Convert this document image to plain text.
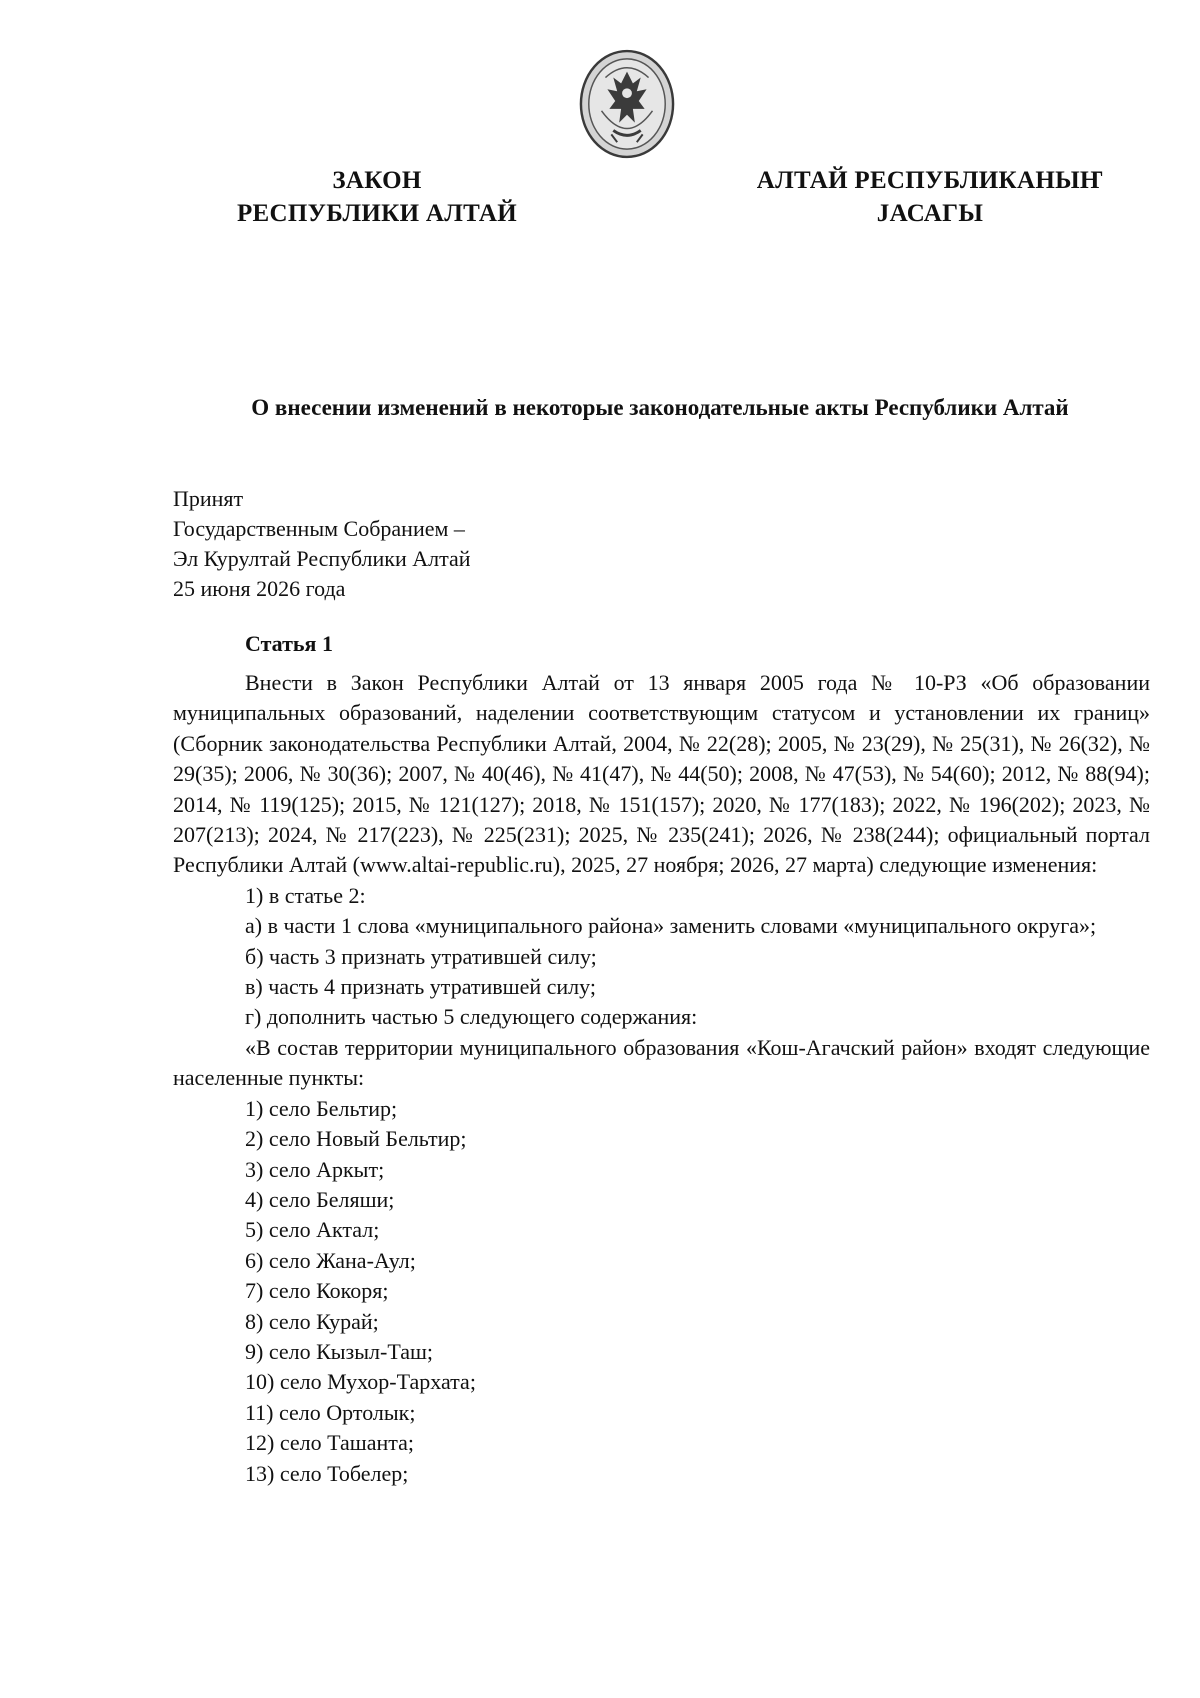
ЗАКОН
РЕСПУБЛИКИ АЛТАЙ
АЛТАЙ РЕСПУБЛИКАНЫҤ
ЈАСАГЫ
О внесении изменений в некоторые законодательные акты Республики Алтай
Принят
Государственным Собранием –
Эл Курултай Республики Алтай
25 июня 2026 года
Статья 1

Внести в Закон Республики Алтай от 13 января 2005 года № 10-РЗ «Об образовании муниципальных образований, наделении соответствующим статусом и установлении их границ» (Сборник законодательства Республики Алтай, 2004, № 22(28); 2005, № 23(29), № 25(31), № 26(32), № 29(35); 2006, № 30(36); 2007, № 40(46), № 41(47), № 44(50); 2008, № 47(53), № 54(60); 2012, № 88(94); 2014, № 119(125); 2015, № 121(127); 2018, № 151(157); 2020, № 177(183); 2022, № 196(202); 2023, № 207(213); 2024, № 217(223), № 225(231); 2025, № 235(241); 2026, № 238(244); официальный портал Республики Алтай (www.altai-republic.ru), 2025, 27 ноября; 2026, 27 марта) следующие изменения:

1) в статье 2:

а) в части 1 слова «муниципального района» заменить словами «муниципального округа»;

б) часть 3 признать утратившей силу;
в) часть 4 признать утратившей силу;
г) дополнить частью 5 следующего содержания:

«В состав территории муниципального образования «Кош-Агачский район» входят следующие населенные пункты:

1) село Бельтир;
2) село Новый Бельтир;
3) село Аркыт;
4) село Беляши;
5) село Актал;
6) село Жана-Аул;
7) село Кокоря;
8) село Курай;
9) село Кызыл-Таш;
10) село Мухор-Тархата;
11) село Ортолык;
12) село Ташанта;
13) село Тобелер;
